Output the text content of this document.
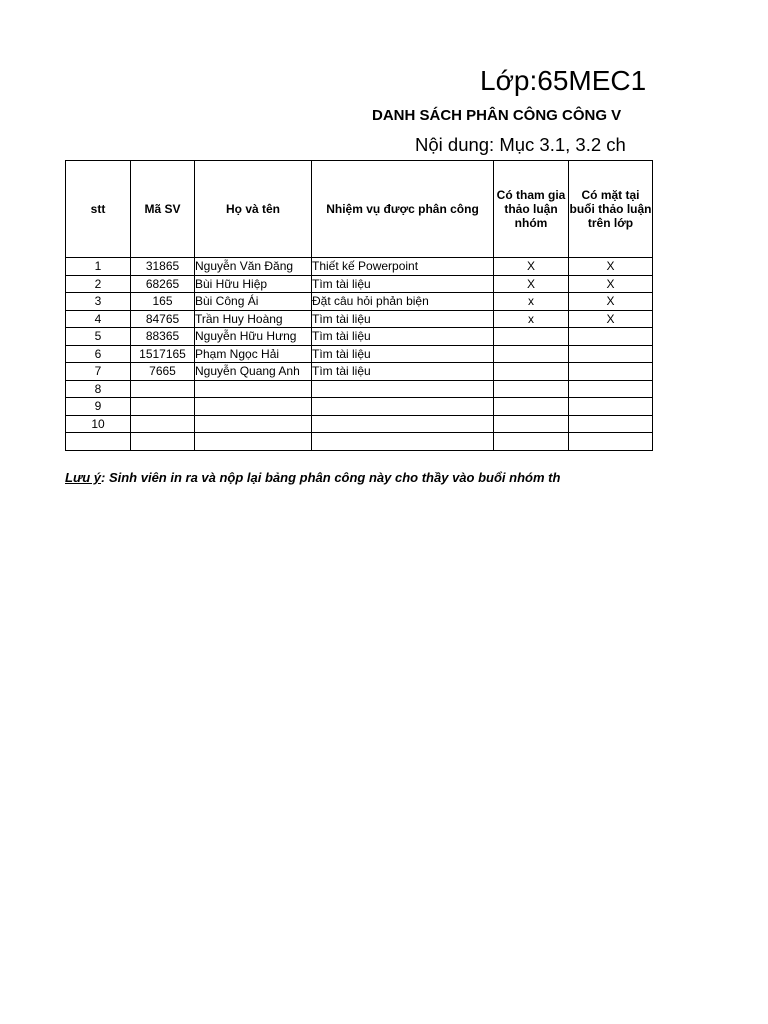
Lớp:65MEC1
DANH SÁCH PHÂN CÔNG CÔNG V
Nội dung: Mục 3.1, 3.2 ch
stt	Mã SV	Họ và tên	Nhiệm vụ được phân công	Có tham gia thảo luận nhóm	Có mặt tại buổi thảo luận trên lớp
1	31865	Nguyễn Văn Đăng	Thiết kế Powerpoint	X	X
2	68265	Bùi Hữu Hiệp	Tìm tài liệu	X	X
3	165	Bùi Công Ái	Đặt câu hỏi phản biện	x	X
4	84765	Trần Huy Hoàng	Tìm tài liệu	x	X
5	88365	Nguyễn Hữu Hưng	Tìm tài liệu		
6	1517165	Phạm Ngọc Hải	Tìm tài liệu		
7	7665	Nguyễn Quang Anh	Tìm tài liệu		
8					
9					
10					

Lưu ý: Sinh viên in ra và nộp lại bảng phân công này cho thầy vào buổi nhóm th
